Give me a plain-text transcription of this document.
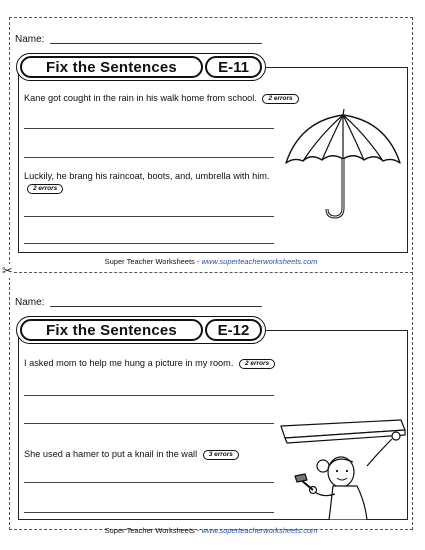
✂
Name:
Fix the Sentences	E-11
Kane got cought in the rain in his walk home from school. 2 errors
Luckily, he brang his raincoat, boots, and, umbrella with him. 2 errors
Super Teacher Worksheets - www.superteacherworksheets.com
Name:
Fix the Sentences	E-12
I asked mom to help me hung a picture in my room. 2 errors
She used a hamer to put a knail in the wall 3 errors
Super Teacher Worksheets - www.superteacherworksheets.com
